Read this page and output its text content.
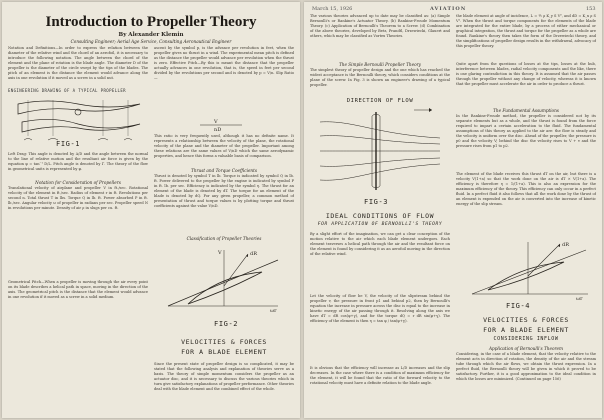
Introduction to Propeller Theory
By Alexander Klemin
Consulting Engineer; Aerial Age Service, Consulting Aeronautical Engineer
Notation and Definitions—In order to express the relation between the diameter of the relative wind and the chord of an aerofoil, it is necessary to introduce the following notation. The angle between the chord of the element and the plane of rotation is the blade angle. The diameter D of the propeller is the diameter of the circle swept by the tips of the blades. The pitch of an element is the distance the element would advance along the axis in one revolution if it moved as a screw in a solid nut.
ENGINEERING DRAWING OF A TYPICAL PROPELLER
FIG-1
Left Drag: This angle is denoted by Δ/D and the angle between the normal to the line of relative motion and the resultant air force is given by the equation φ = tan⁻¹ D/L. Pitch angle is denoted by Γ. The theory of the flow in geometrical units is represented by φ.
Notation for Consideration of Propellers
Translational velocity of airplane and propeller V in ft./sec. Rotational velocity of the element in ft./sec. Radius of element r in ft. Revolutions per second n. Total thrust T in lbs. Torque Q in lb. ft. Power absorbed P in ft. lb./sec. Angular velocity ω of propeller in radians per sec. Propeller speed N in revolutions per minute. Density of air ρ in slugs per cu. ft.
Geometrical Pitch—When a propeller is moving through the air every point on its blade describes a helical path in space, moving in the direction of the axis. The geometrical pitch is the distance that the element would advance in one revolution if it moved as a screw in a solid medium.
ascent by the symbol p, is the advance per revolution in feet, when the propeller gives no thrust in a wind. The experimental mean pitch is defined as the distance the propeller would advance per revolution when the thrust is zero. Effective Pitch—By this is meant the distance that the propeller actually advances in one revolution, that is, the speed in feet per second divided by the revolutions per second and is denoted by p = V/n. Slip Ratio—
V
nD
This ratio is very frequently used, although it has no definite name. It represents a relationship between the velocity of the plane, the rotational velocity of the plane and the diameter of the propeller. Important among these relations are the same values of V/nD which the same aerodynamic properties, and hence this forms a valuable basis of comparison.
Thrust and Torque Coefficients
Thrust is denoted by symbol T in lb. Torque is indicated by symbol Q in lb. ft. Power delivered to the propeller by the engine is indicated by symbol P in ft. lb. per sec. Efficiency is indicated by the symbol η. The thrust for an element of the blade is denoted by dT. The torque for an element of the blade is denoted by dQ. For any given propeller, a common method of presentation of thrust and torque values is by plotting torque and thrust coefficients against the value V/nD.
Classification of Propeller Theories
dR
ωr
V
FIG-2
VELOCITIES & FORCES
FOR A BLADE ELEMENT
Since the present state of propeller design is so complicated, it may be stated that the following analysis and explanation of theories serve as a basis. The theory of simple momentum considers the propeller as an actuator disc, and it is necessary to discuss the various theories which in turn give satisfactory explanations of propeller performance. Other theories deal with the blade element and the combined effect of the whole.
March 15, 1926	AVIATION	153
The various theories advanced up to date may be classified as: (a) Simple Bernoulli's or Rankine's Actuator Theory. (b) Rankine-Froude Momentum Theory. (c) Application of Bernoulli's Theorem to a Screw. (d) Combination of the above theories, developed by Betz, Prandtl, Drzewiecki, Glauert and others, which may be classified as Vortex Theories.
The Simple Bernoulli Propeller Theory
The simplest theory of propeller design and the one which has reached the widest acceptance is the Bernoulli theory, which considers conditions at the plane of the screw. In Fig. 3 is shown an engineer's drawing of a typical propeller.
DIRECTION OF FLOW
FIG-3
IDEAL CONDITIONS OF FLOW
FOR APPLICATION OF BERNOULLI'S THEORY
By a slight effort of the imagination, we can get a clear conception of the motion relative to the air which each blade element undergoes. Each element traverses a helical path through the air and the resultant force on the element is found by considering it as an aerofoil moving in the direction of the relative wind.
Let the velocity of flow be V, the velocity of the slipstream behind the propeller v, the pressure in front p1 and behind p2, then by Bernoulli's equation the increase in pressure across the disc is equal to the increase in kinetic energy of the air passing through it. Resolving along the axis we have dT = dR cos(φ+γ), and for the torque dQ = r dR sin(φ+γ). The efficiency of the element is then η = tan φ / tan(φ+γ).
It is obvious that the efficiency will increase as L/D increases and the slip decreases. In the case where there is a condition of maximum efficiency for the element, it will be found that the ratio of the forward velocity to the rotational velocity must have a definite relation to the blade angle.
the blade element at angle of incidence, L = ½ ρ K_y S V², and dD = K_x ρ S V². When the thrust and torque components for the elements of the blade are integrated for the entire blade, by a process of either mechanical or graphical integration, the thrust and torque for the propeller as a whole are found. Rankine's theory then takes the form of the Drzewiecki theory, and the simplifications of propeller design results in the withdrawal, advocacy of this propeller theory.
Quite apart from the questions of losses at the tips, losses at the hub, interference between blades, radial velocity components and the like, there is one glaring contradiction in this theory. It is assumed that the air passes through the propeller without any change of velocity, whereas it is known that the propeller must accelerate the air in order to produce a thrust.
The Fundamental Assumptions
In the Rankine-Froude method, the propeller is considered not by its separate elements but as a whole, and the thrust is found from the force required to impart a certain acceleration to the fluid. The fundamental assumptions of this theory as applied to the air are: the flow is steady and the velocity is uniform over the disc. Ahead of the propeller, the pressure is p0 and the velocity V; behind the disc the velocity rises to V + v and the pressure rises from p1 to p2.
The element of the blade receives this thrust dT on the air, but there is a velocity V(1+a) so that the work done on the air is dT × V(1+a). The efficiency is therefore η = 1/(1+a). This is also an expression for the maximum efficiency of the theory. This efficiency can only occur in a perfect fluid. In a perfect fluid it also follows that all the work done by the thrust of an element is expended on the air is converted into the increase of kinetic energy of the slip stream.
dR
ωr
FIG-4
VELOCITIES & FORCES
FOR A BLADE ELEMENT
CONSIDERING INFLOW
Application of Bernoulli's Theorem
Considering, in the case of a blade element, that the velocity relative to the element acts in direction of rotation, the density of the air and the stream tube through which the air flows, we obtain the thrust expression. In a perfect fluid, the Bernoulli theory will be given in which it proved to be satisfactory. Further, it is a good approximation to the ideal condition in which the losses are minimized. (Continued on page 156)
